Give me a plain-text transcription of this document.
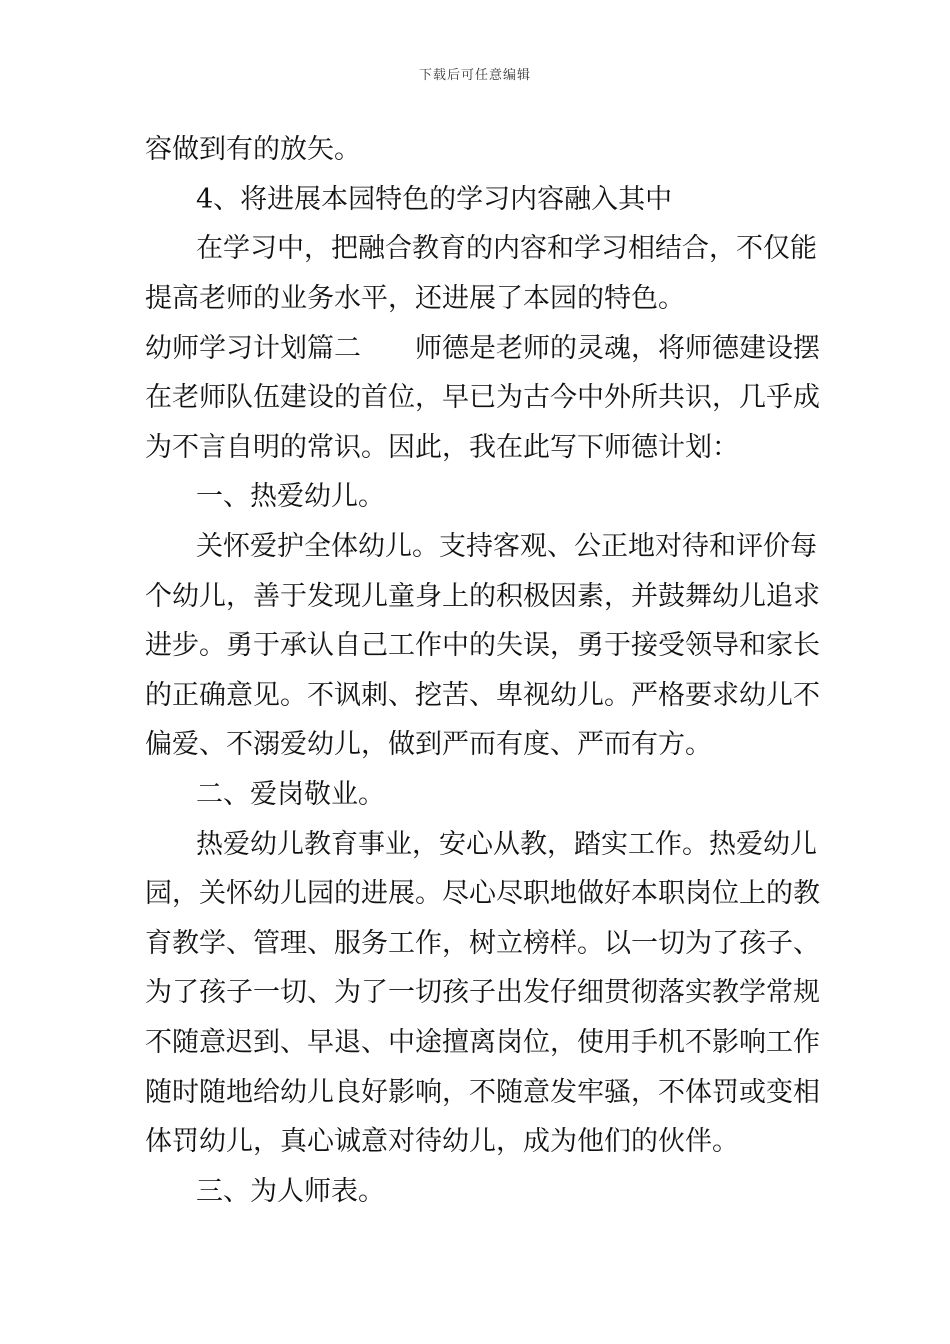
下载后可任意编辑
容做到有的放矢。
4、将进展本园特色的学习内容融入其中
在学习中，把融合教育的内容和学习相结合，不仅能
提高老师的业务水平，还进展了本园的特色。
幼师学习计划篇二　　师德是老师的灵魂，将师德建设摆
在老师队伍建设的首位，早已为古今中外所共识，几乎成
为不言自明的常识。因此，我在此写下师德计划：
一、热爱幼儿。
关怀爱护全体幼儿。支持客观、公正地对待和评价每
个幼儿，善于发现儿童身上的积极因素，并鼓舞幼儿追求
进步。勇于承认自己工作中的失误，勇于接受领导和家长
的正确意见。不讽刺、挖苦、卑视幼儿。严格要求幼儿不
偏爱、不溺爱幼儿，做到严而有度、严而有方。
二、爱岗敬业。
热爱幼儿教育事业，安心从教，踏实工作。热爱幼儿
园，关怀幼儿园的进展。尽心尽职地做好本职岗位上的教
育教学、管理、服务工作，树立榜样。以一切为了孩子、
为了孩子一切、为了一切孩子出发仔细贯彻落实教学常规
不随意迟到、早退、中途擅离岗位，使用手机不影响工作
随时随地给幼儿良好影响，不随意发牢骚，不体罚或变相
体罚幼儿，真心诚意对待幼儿，成为他们的伙伴。
三、为人师表。
